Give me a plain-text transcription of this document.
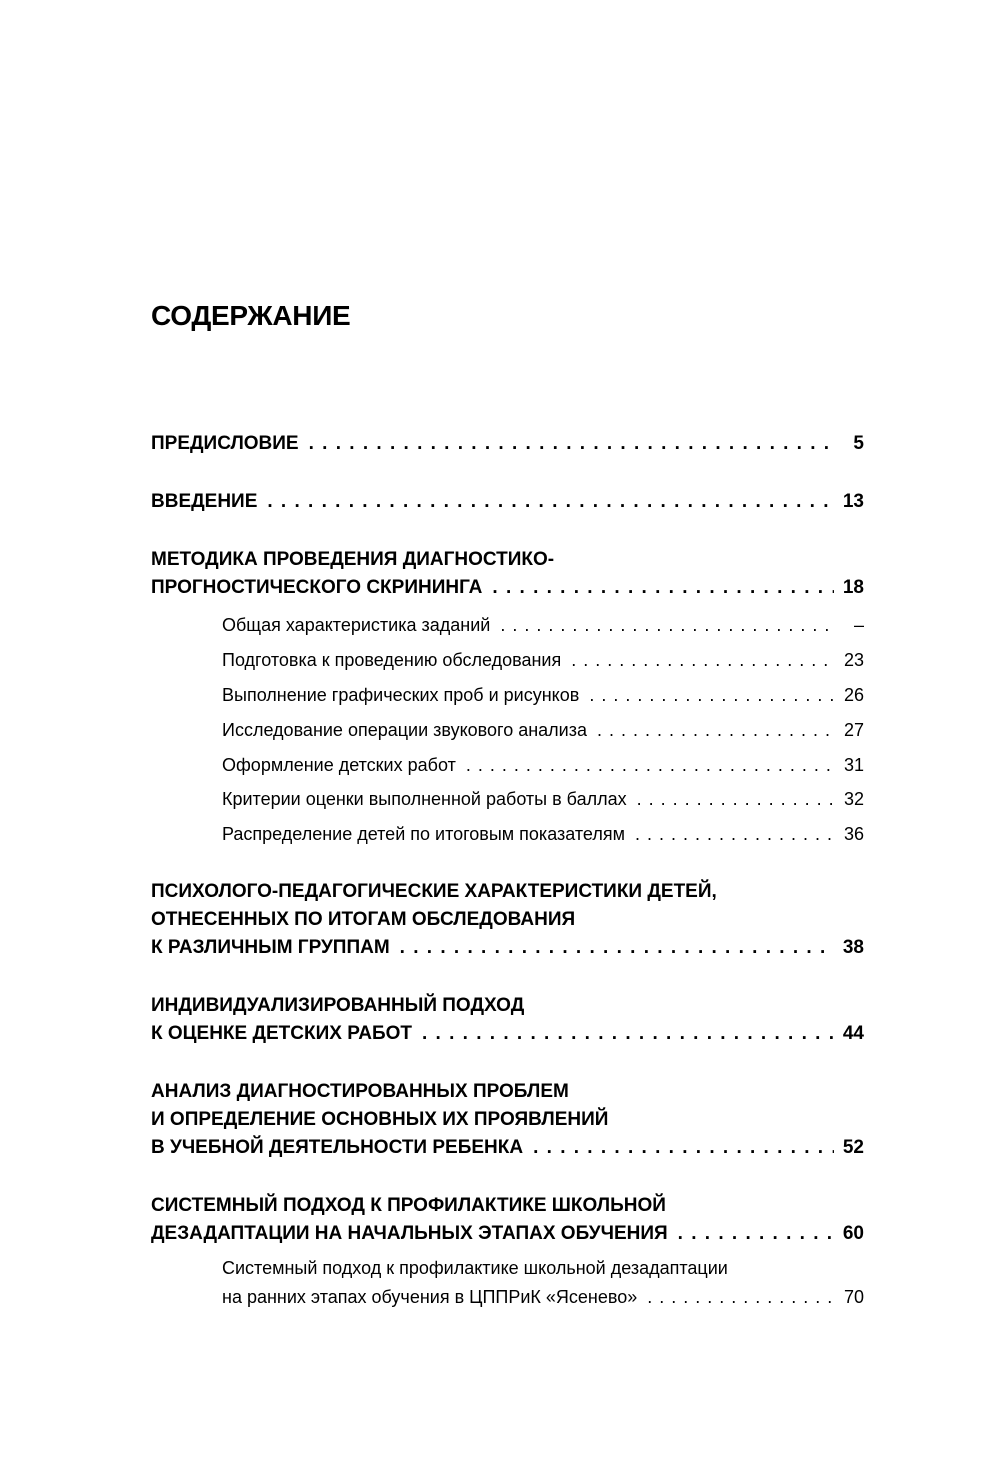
СОДЕРЖАНИЕ
ПРЕДИСЛОВИЕ . . .	5
ВВЕДЕНИЕ . . .	13
МЕТОДИКА ПРОВЕДЕНИЯ ДИАГНОСТИКО-
ПРОГНОСТИЧЕСКОГО СКРИНИНГА . . .	18
Общая характеристика заданий . . .	–
Подготовка к проведению обследования . . .	23
Выполнение графических проб и рисунков . . .	26
Исследование операции звукового анализа . . .	27
Оформление детских работ . . .	31
Критерии оценки выполненной работы в баллах . . .	32
Распределение детей по итоговым показателям . . .	36
ПСИХОЛОГО-ПЕДАГОГИЧЕСКИЕ ХАРАКТЕРИСТИКИ ДЕТЕЙ,
ОТНЕСЕННЫХ ПО ИТОГАМ ОБСЛЕДОВАНИЯ
К РАЗЛИЧНЫМ ГРУППАМ . . .	38
ИНДИВИДУАЛИЗИРОВАННЫЙ ПОДХОД
К ОЦЕНКЕ ДЕТСКИХ РАБОТ . . .	44
АНАЛИЗ ДИАГНОСТИРОВАННЫХ ПРОБЛЕМ
И ОПРЕДЕЛЕНИЕ ОСНОВНЫХ ИХ ПРОЯВЛЕНИЙ
В УЧЕБНОЙ ДЕЯТЕЛЬНОСТИ РЕБЕНКА . . .	52
СИСТЕМНЫЙ ПОДХОД К ПРОФИЛАКТИКЕ ШКОЛЬНОЙ
ДЕЗАДАПТАЦИИ НА НАЧАЛЬНЫХ ЭТАПАХ ОБУЧЕНИЯ . . .	60
Системный подход к профилактике школьной дезадаптации
на ранних этапах обучения в ЦППРиК «Ясенево» . . .	70
